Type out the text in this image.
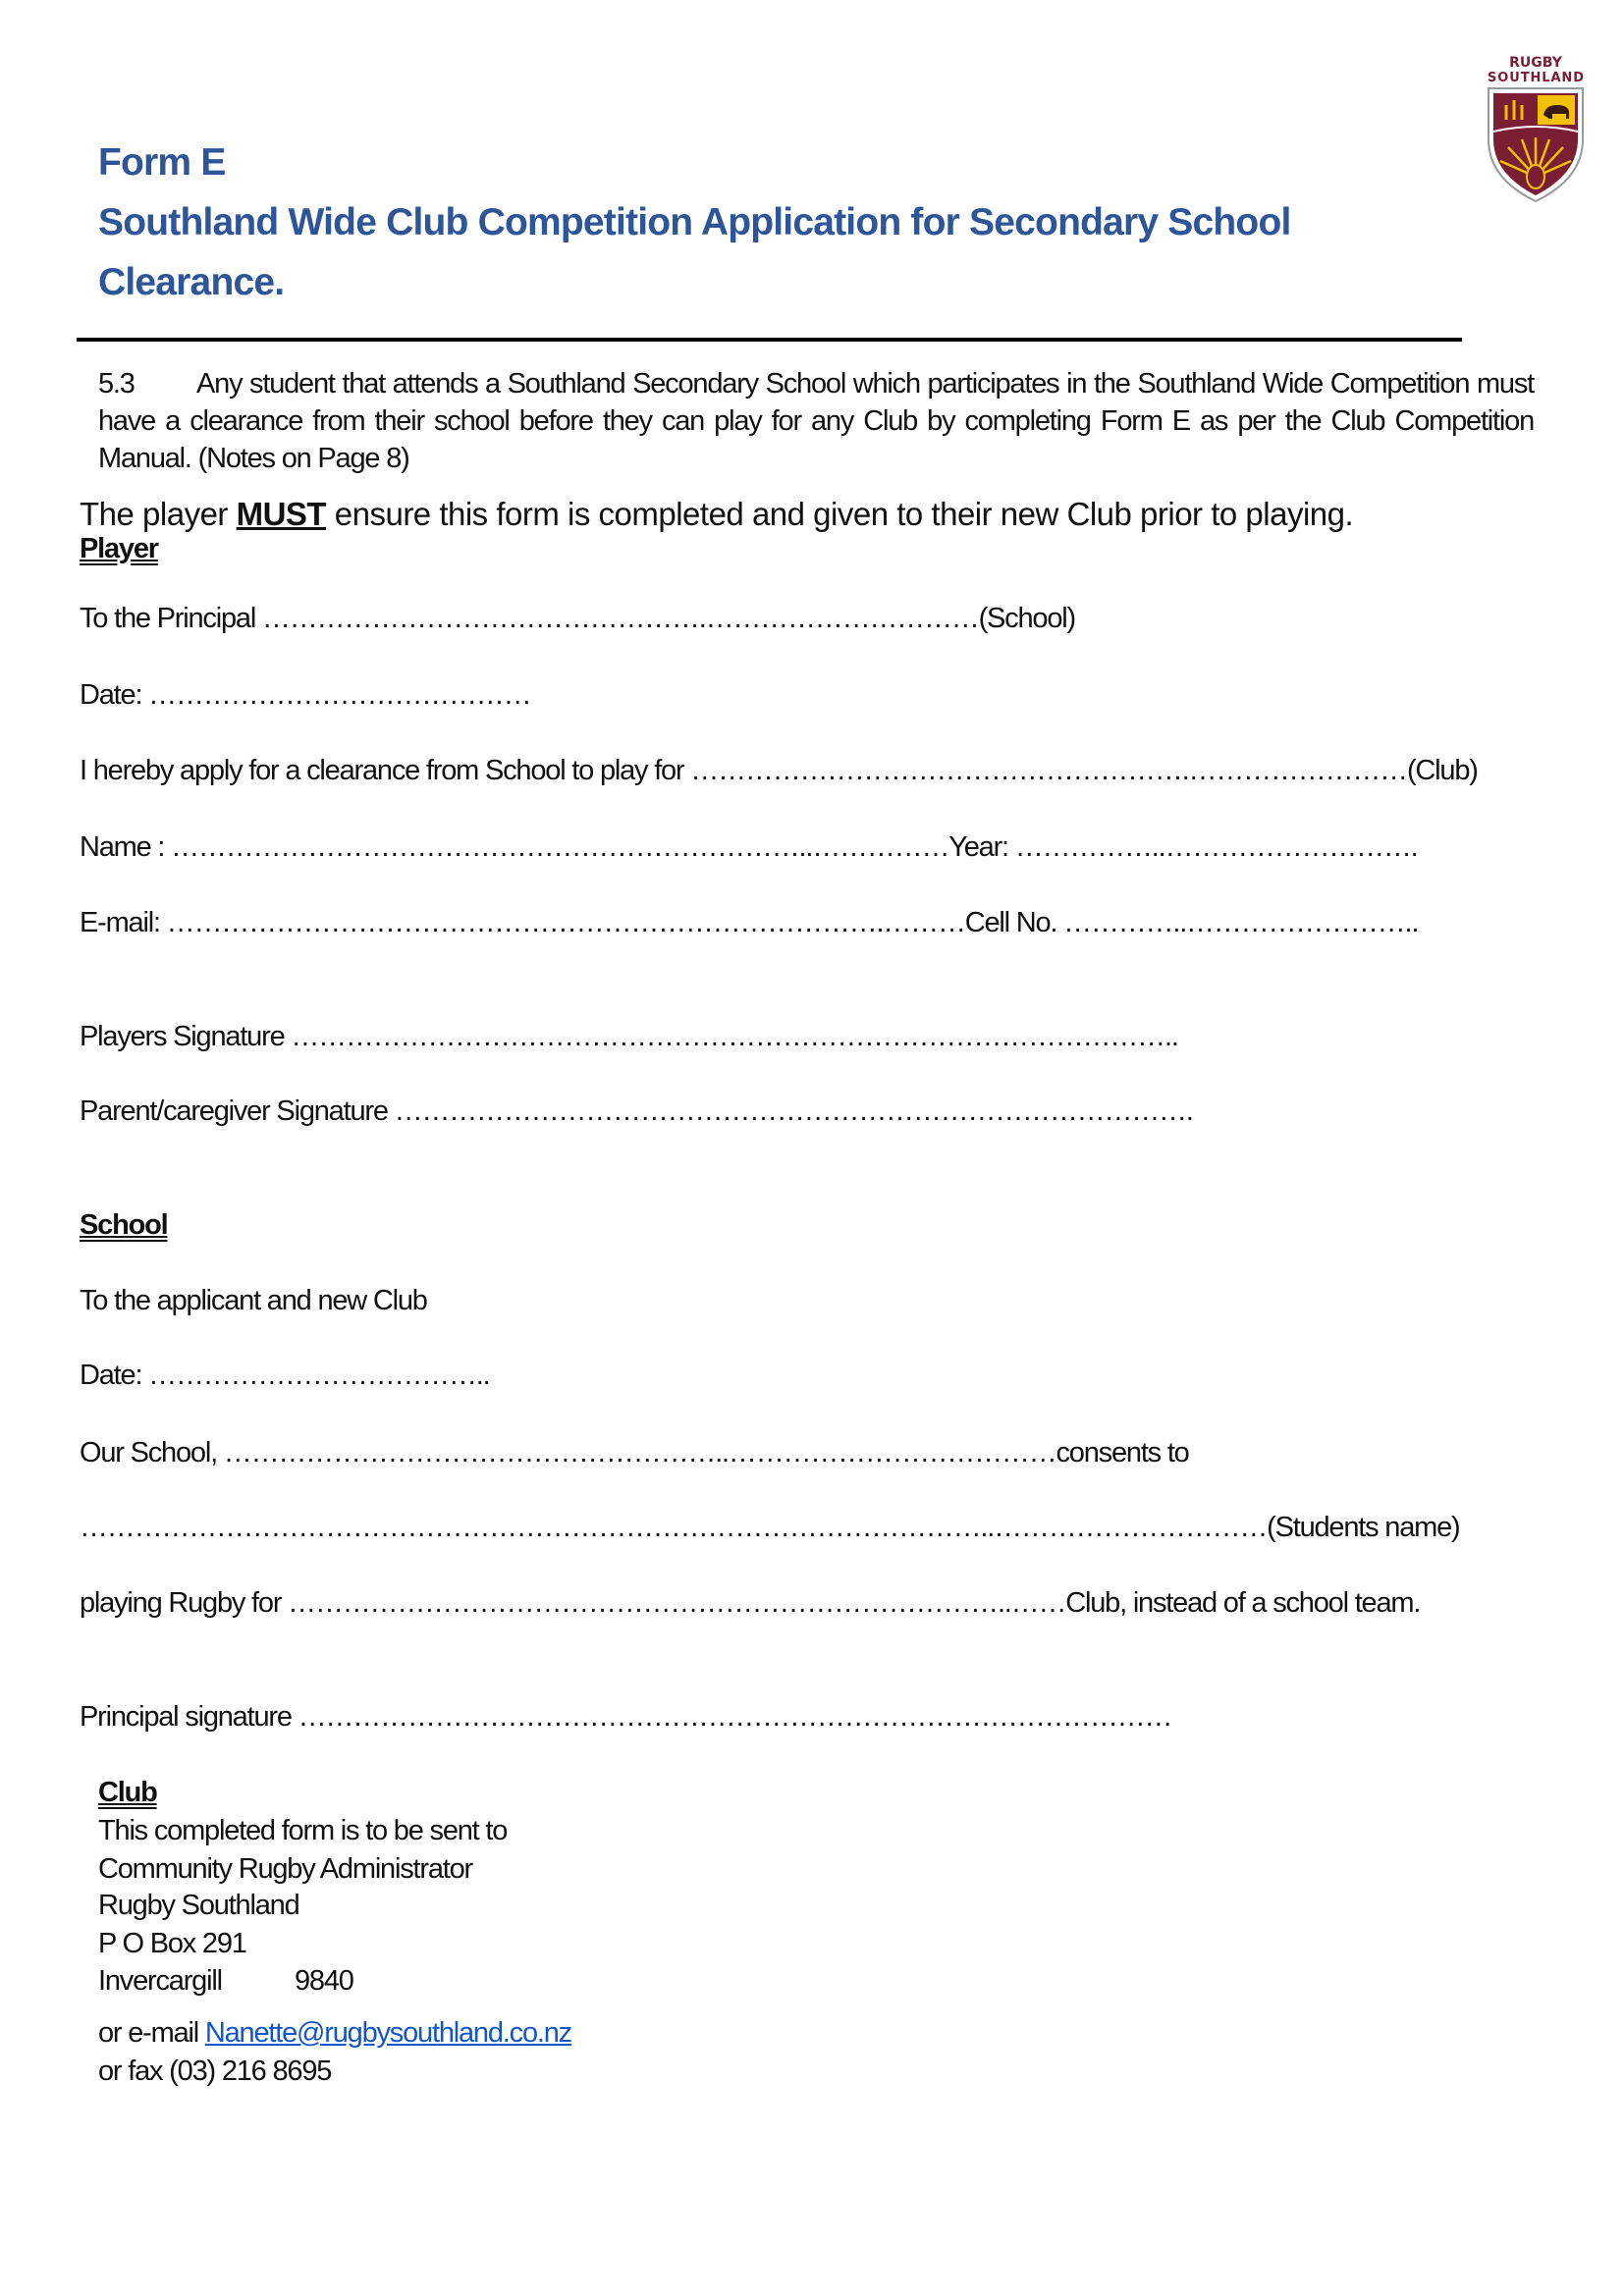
RUGBY
SOUTHLAND
Form E
Southland Wide Club Competition Application for Secondary School
Clearance.
5.3 Any student that attends a Southland Secondary School which participates in the Southland Wide Competition must have a clearance from their school before they can play for any Club by completing Form E as per the Club Competition Manual. (Notes on Page 8)
The player MUST ensure this form is completed and given to their new Club prior to playing.
Player
To the Principal ………………………………………….…………………………(School)
Date: ……………………………………
I hereby apply for a clearance from School to play for ……………………………………………….……………………(Club)
Name : ……………………………………………………………..……………Year: ……………..……………………….
E-mail: …………………………………………………………………….………Cell No. …………..……………………..
Players Signature ……………………………………………………………………………………..
Parent/caregiver Signature …………………………………………………………………………….
School
To the applicant and new Club
Date: ………………………………..
Our School, ………………………………………………..………………………………consents to
………………………………………………………………………………………..…………………………(Students name)
playing Rugby for ……………………………………………………………………..……Club, instead of a school team.
Principal signature ……………………………………………………………………………………
Club
This completed form is to be sent to
Community Rugby Administrator
Rugby Southland
P O Box 291
Invercargill	9840
or e-mail Nanette@rugbysouthland.co.nz
or fax (03) 216 8695
